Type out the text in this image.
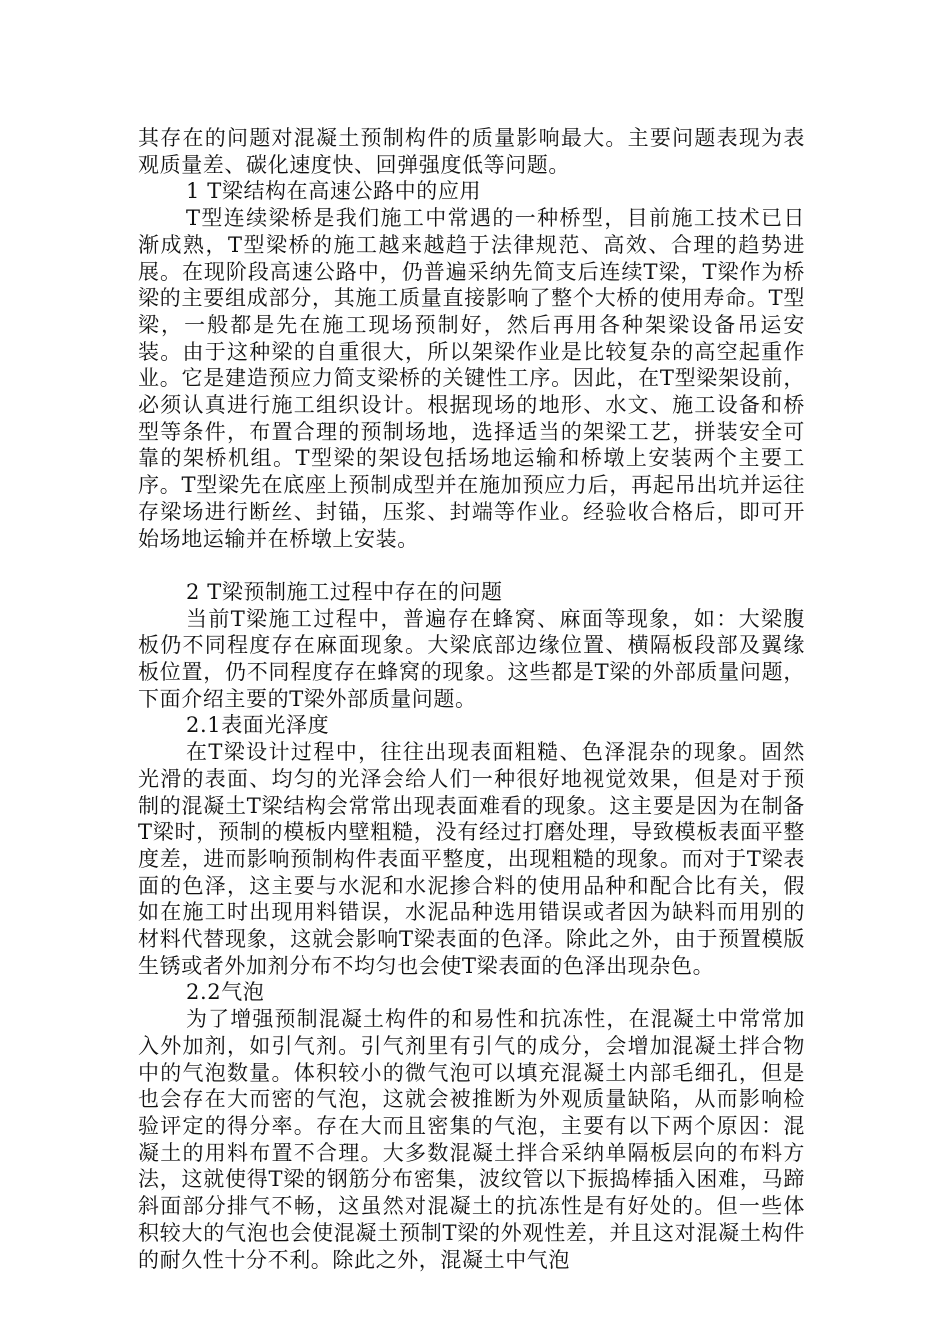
其存在的问题对混凝土预制构件的质量影响最大。主要问题表现为表观质量差、碳化速度快、回弹强度低等问题。

1 T梁结构在高速公路中的应用

T型连续梁桥是我们施工中常遇的一种桥型，目前施工技术已日渐成熟，T型梁桥的施工越来越趋于法律规范、高效、合理的趋势进展。在现阶段高速公路中，仍普遍采纳先简支后连续T梁，T梁作为桥梁的主要组成部分，其施工质量直接影响了整个大桥的使用寿命。T型梁，一般都是先在施工现场预制好，然后再用各种架梁设备吊运安装。由于这种梁的自重很大，所以架梁作业是比较复杂的高空起重作业。它是建造预应力简支梁桥的关键性工序。因此，在T型梁架设前，必须认真进行施工组织设计。根据现场的地形、水文、施工设备和桥型等条件，布置合理的预制场地，选择适当的架梁工艺，拼装安全可靠的架桥机组。T型梁的架设包括场地运输和桥墩上安装两个主要工序。T型梁先在底座上预制成型并在施加预应力后，再起吊出坑并运往存梁场进行断丝、封锚，压浆、封端等作业。经验收合格后，即可开始场地运输并在桥墩上安装。

2 T梁预制施工过程中存在的问题

当前T梁施工过程中，普遍存在蜂窝、麻面等现象，如：大梁腹板仍不同程度存在麻面现象。大梁底部边缘位置、横隔板段部及翼缘板位置，仍不同程度存在蜂窝的现象。这些都是T梁的外部质量问题，下面介绍主要的T梁外部质量问题。

2.1表面光泽度

在T梁设计过程中，往往出现表面粗糙、色泽混杂的现象。固然光滑的表面、均匀的光泽会给人们一种很好地视觉效果，但是对于预制的混凝土T梁结构会常常出现表面难看的现象。这主要是因为在制备T梁时，预制的模板内壁粗糙，没有经过打磨处理，导致模板表面平整度差，进而影响预制构件表面平整度，出现粗糙的现象。而对于T梁表面的色泽，这主要与水泥和水泥掺合料的使用品种和配合比有关，假如在施工时出现用料错误，水泥品种选用错误或者因为缺料而用别的材料代替现象，这就会影响T梁表面的色泽。除此之外，由于预置模版生锈或者外加剂分布不均匀也会使T梁表面的色泽出现杂色。

2.2气泡

为了增强预制混凝土构件的和易性和抗冻性，在混凝土中常常加入外加剂，如引气剂。引气剂里有引气的成分，会增加混凝土拌合物中的气泡数量。体积较小的微气泡可以填充混凝土内部毛细孔，但是也会存在大而密的气泡，这就会被推断为外观质量缺陷，从而影响检验评定的得分率。存在大而且密集的气泡，主要有以下两个原因：混凝土的用料布置不合理。大多数混凝土拌合采纳单隔板层向的布料方法，这就使得T梁的钢筋分布密集，波纹管以下振捣棒插入困难，马蹄斜面部分排气不畅，这虽然对混凝土的抗冻性是有好处的。但一些体积较大的气泡也会使混凝土预制T梁的外观性差，并且这对混凝土构件的耐久性十分不利。除此之外，混凝土中气泡
